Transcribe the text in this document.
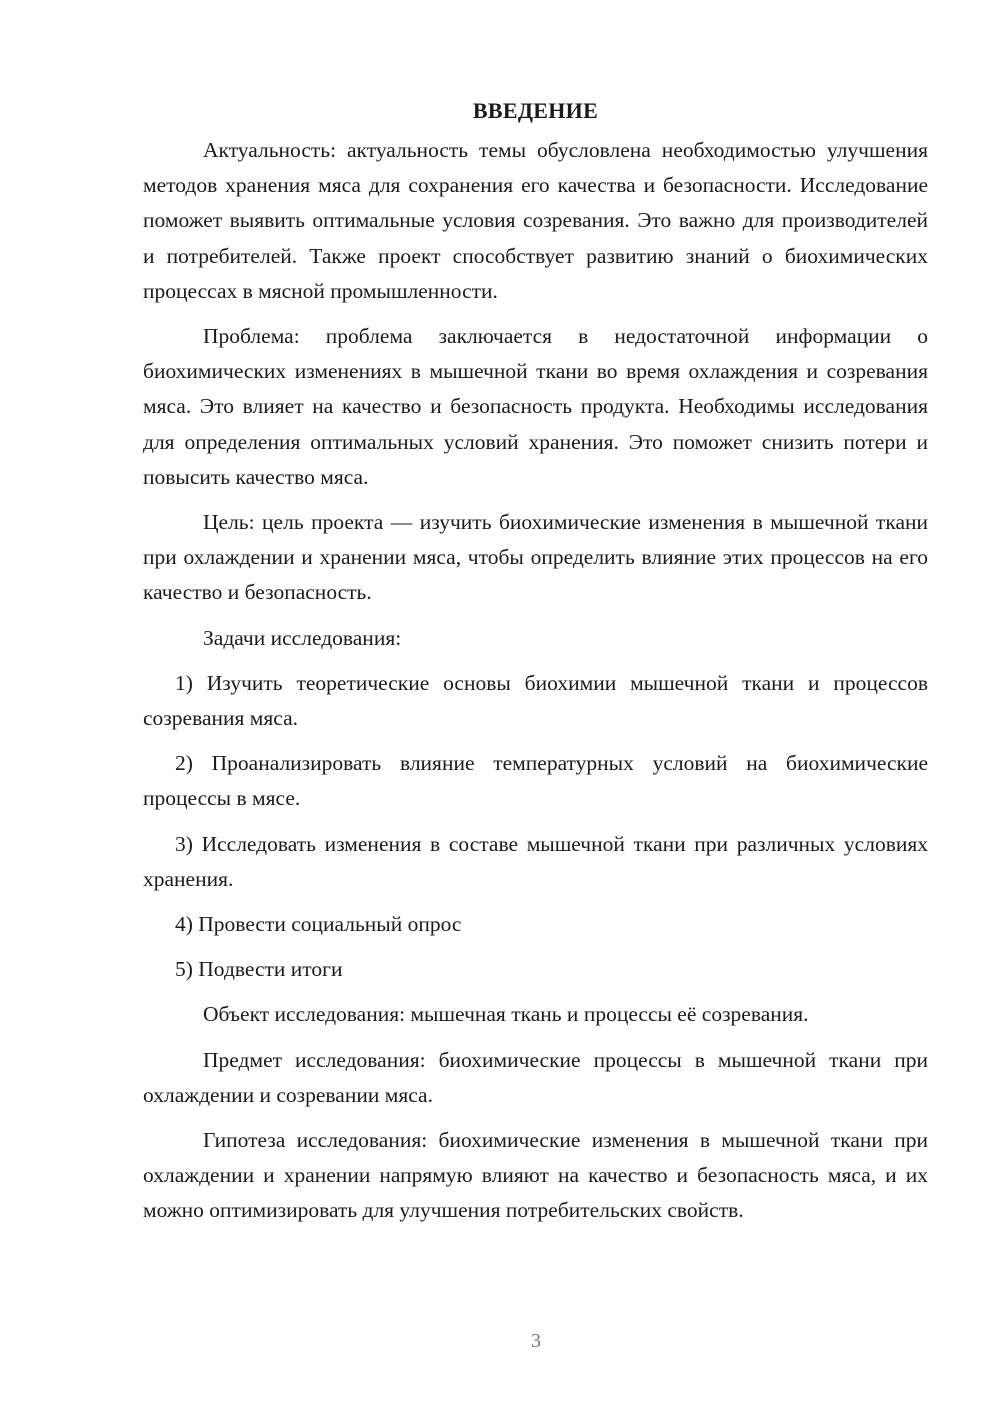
ВВЕДЕНИЕ

Актуальность: актуальность темы обусловлена необходимостью улучшения методов хранения мяса для сохранения его качества и безопасности. Исследование поможет выявить оптимальные условия созревания. Это важно для производителей и потребителей. Также проект способствует развитию знаний о биохимических процессах в мясной промышленности.

Проблема: проблема заключается в недостаточной информации о биохимических изменениях в мышечной ткани во время охлаждения и созревания мяса. Это влияет на качество и безопасность продукта. Необходимы исследования для определения оптимальных условий хранения. Это поможет снизить потери и повысить качество мяса.

Цель: цель проекта — изучить биохимические изменения в мышечной ткани при охлаждении и хранении мяса, чтобы определить влияние этих процессов на его качество и безопасность.

Задачи исследования:

1) Изучить теоретические основы биохимии мышечной ткани и процессов созревания мяса.

2) Проанализировать влияние температурных условий на биохимические процессы в мясе.

3) Исследовать изменения в составе мышечной ткани при различных условиях хранения.

4) Провести социальный опрос

5) Подвести итоги

Объект исследования: мышечная ткань и процессы её созревания.

Предмет исследования: биохимические процессы в мышечной ткани при охлаждении и созревании мяса.

Гипотеза исследования: биохимические изменения в мышечной ткани при охлаждении и хранении напрямую влияют на качество и безопасность мяса, и их можно оптимизировать для улучшения потребительских свойств.

3
